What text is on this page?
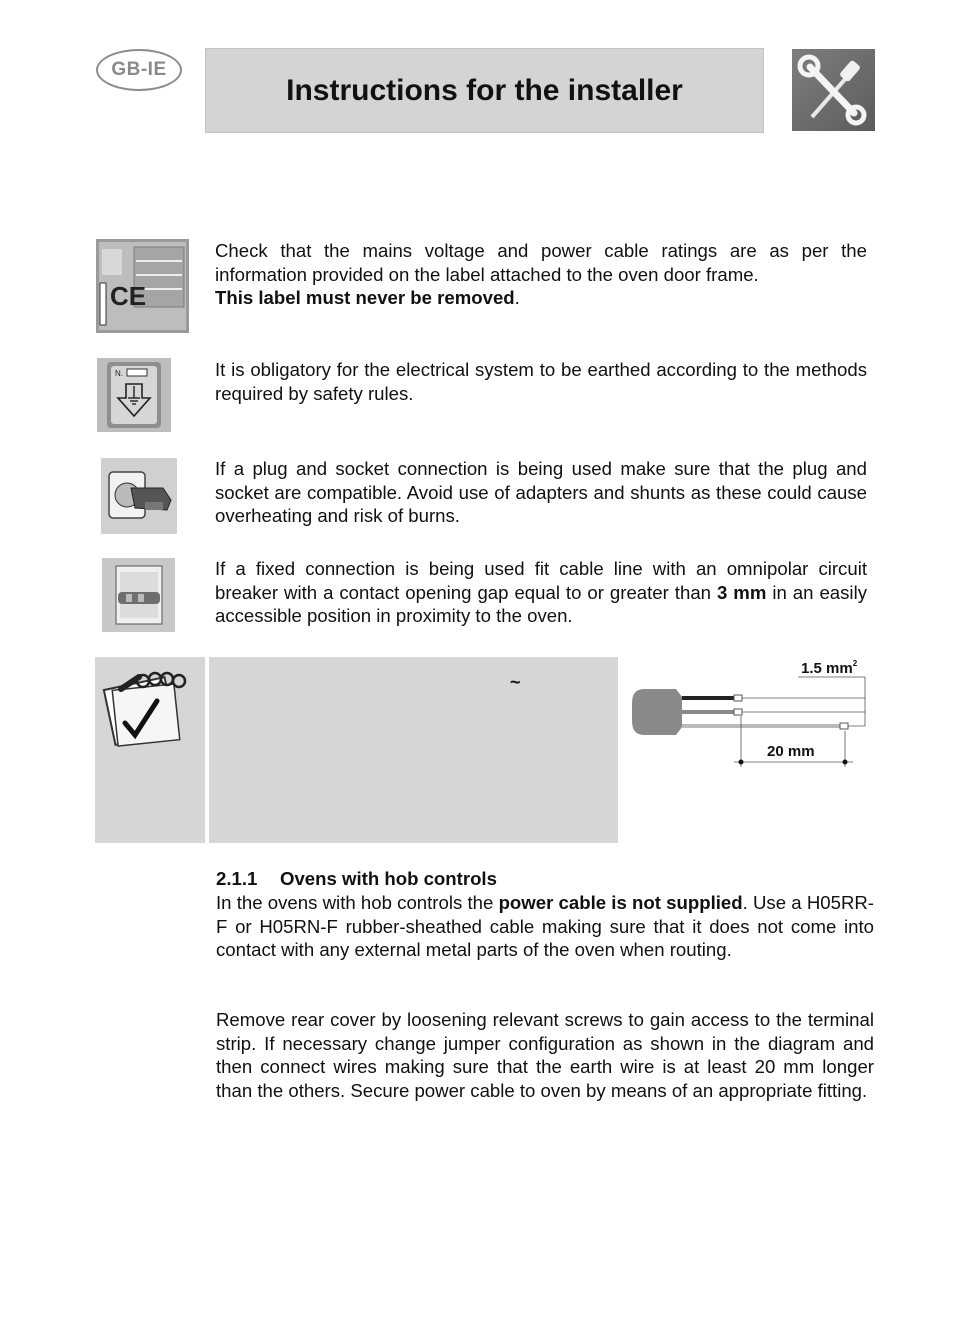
GB-IE
Instructions for the installer
CE
Check that the mains voltage and power cable ratings are as per the information provided on the label attached to the oven door frame.
This label must never be removed.
N.	It is obligatory for the electrical system to be earthed according to the methods required by safety rules.
If a plug and socket connection is being used make sure that the plug and socket are compatible. Avoid use of adapters and shunts as these could cause overheating and risk of burns.
If a fixed connection is being used fit cable line with an omnipolar circuit breaker with a contact opening gap equal to or greater than 3 mm in an easily accessible position in proximity to the oven.
~
1.5 $mm^2$
20 mm
2.1.1 Ovens with hob controls
In the ovens with hob controls the power cable is not supplied. Use a H05RR-F or H05RN-F rubber-sheathed cable making sure that it does not come into contact with any external metal parts of the oven when routing.
Remove rear cover by loosening relevant screws to gain access to the terminal strip. If necessary change jumper configuration as shown in the diagram and then connect wires making sure that the earth wire is at least 20 mm longer than the others. Secure power cable to oven by means of an appropriate fitting.
